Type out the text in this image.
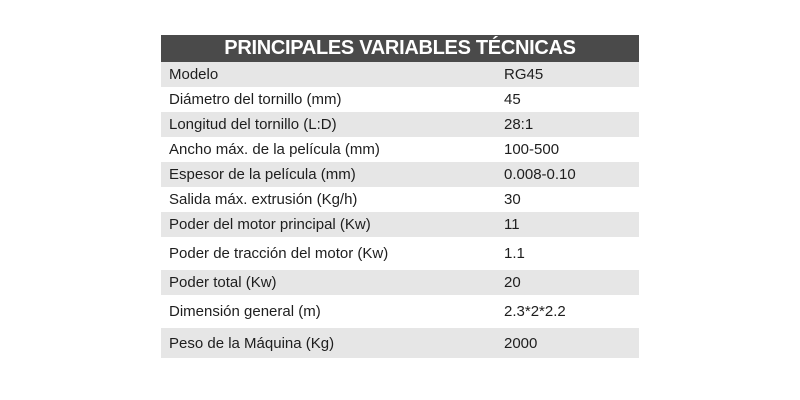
PRINCIPALES VARIABLES TÉCNICAS
Modelo	RG45
Diámetro del tornillo (mm)	45
Longitud del tornillo (L:D)	28:1
Ancho máx. de la película (mm)	100-500
Espesor de la película (mm)	0.008-0.10
Salida máx. extrusión (Kg/h)	30
Poder del motor principal (Kw)	11
Poder de tracción del motor (Kw)	1.1
Poder total (Kw)	20
Dimensión general (m)	2.3*2*2.2
Peso de la Máquina (Kg)	2000
